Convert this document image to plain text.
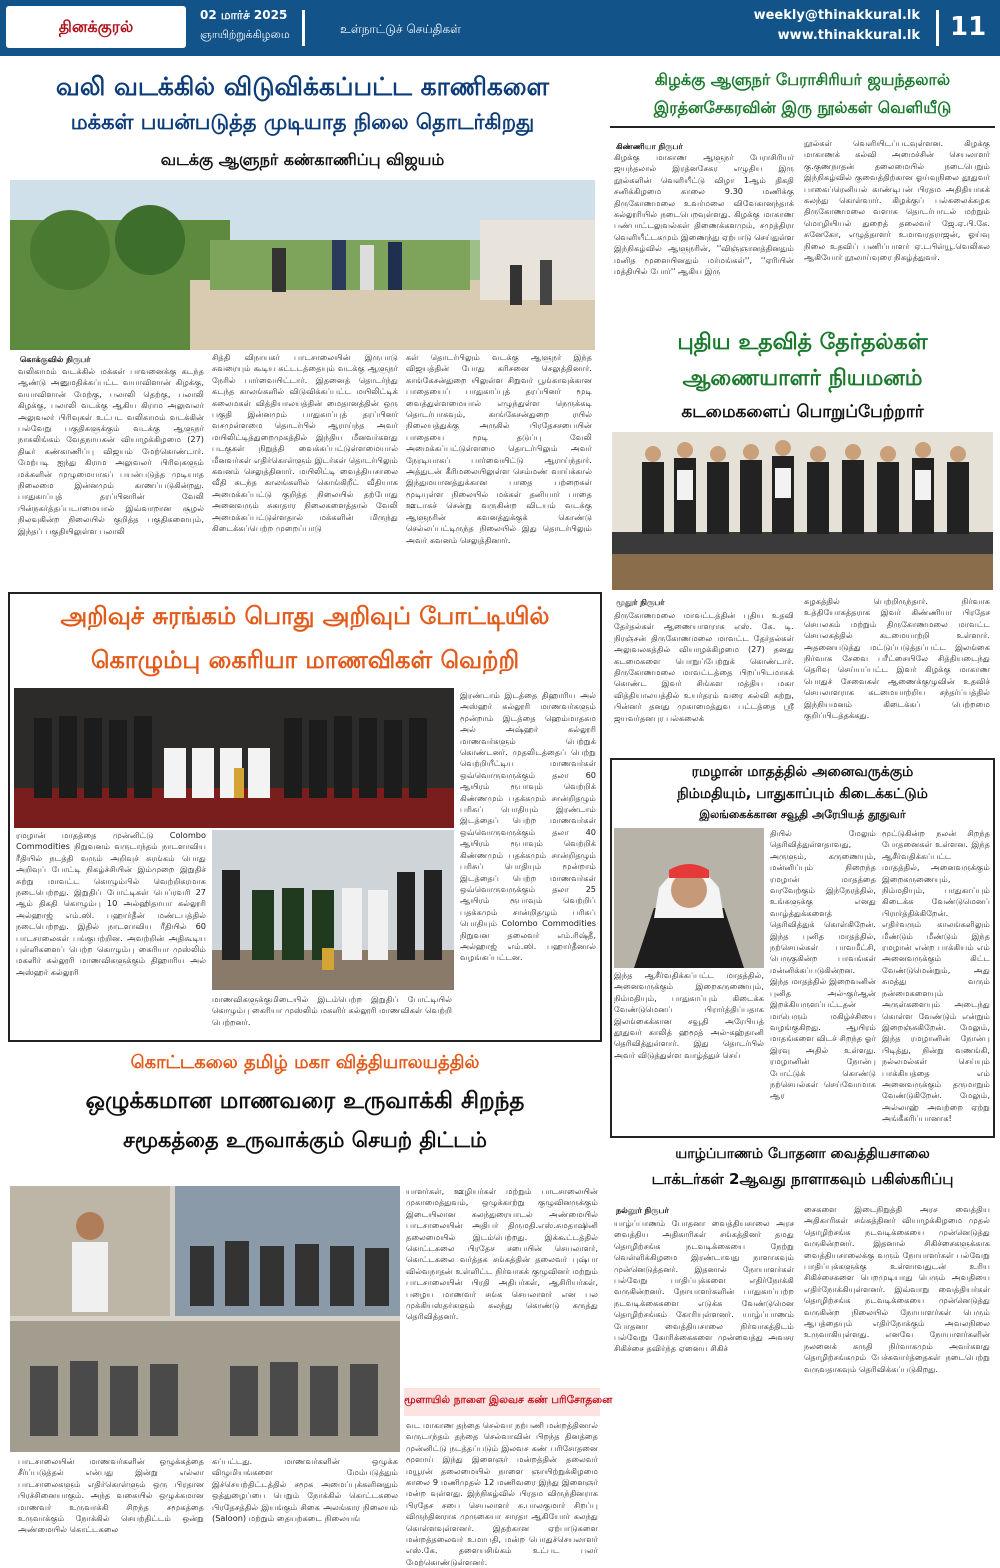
தினக்குரல்
02 மார்ச் 2025
ஞாயிற்றுக்கிழமை	உள்நாட்டுச் செய்திகள்
weekly@thinakkural.lk
www.thinakkural.lk 11
வலி வடக்கில் விடுவிக்கப்பட்ட காணிகளை
மக்கள் பயன்படுத்த முடியாத நிலை தொடர்கிறது
வடக்கு ஆளுநர் கண்காணிப்பு விஜயம்
கொக்குவில் நிருபர்
வலிகாமம் வடக்கில் மக்கள் பாவனைக்கு கடந்த ஆண்டு அனுமதிக்கப்பட்ட வயாவிளான் கிழக்கு, வயாவிளான் மேற்கு, பலாலி தெற்கு, பலாலி கிழக்கு, பலாலி வடக்கு ஆகிய கிராம அலுவலர் அலுவலர் பிரிவுகள் உட்பட வலிகாமம் வடக்கின் பல்வேறு பகுதிகளுக்கும் வடக்கு ஆளுநர் நாகலிங்கம் வேதநாயகன் வியாழக்கிழமை (27) திடீர் கண்காணிப்பு விஜயம் மேற்கொண்டார். மேற்படி ஐந்து கிராம அலுவலர் பிரிவுகளும் மக்களின் முழுமையாகப் பயன்படுத்த முடியாத நிலைமை இன்னமும் காணப்படுகின்றது. பாதுகாப்புத் தரப்பினரின் வேலி பின்நகர்த்தப்படாமையால் இவ்வாறான சூழல் நிலவுகின்ற நிலையில் குறித்த பகுதிகளையும், இந்தப் பகுதியிலுள்ள பலாலி
சித்தி விநாயகர் பாடசாலையின் இருபாடு சுவரையும் கூடிய கட்டடத்தையும் வடக்கு ஆளுநர் நேரில் பார்வையிட்டார். இதனைத் தொடர்ந்து கடந்த காலங்களில் விடுவிக்கப்பட்ட மயிலிட்டிக் கலைமகள் வித்தியாலயத்தின் மைதானத்தின் ஒரு பகுதி இன்னமும் பாதுகாப்புத் தரப்பினர் வசமுள்ளமை தொடர்பில் ஆராய்ந்த அவர் மயிலிட்டித்துறைமுகத்தில் இந்திய மீனவர்களது படகுகள் நிறுத்தி வைக்கப்பட்டுள்ளமையால் மீனவர்கள் எதிர்கொள்ளும் இடர்கள் தொடர்பிலும் கவனம் செலுத்தினார். மயிலிட்டி வைத்தியசாலை வீதி கடந்த காலங்களில் கொங்கிறீட் வீதியாக அமைக்கப்பட்டு குறித்த நிலையில் தற்போது அனைவரும் சுகாதார நிலைகளைத்தால் வேலி அமைக்கப்பட்டுள்ளதால் மக்களின் மிருந்து கிடைக்கப்பெற்ற முறைப்பாடு
கள் தொடர்பிலும் வடக்கு ஆளுநர் இந்த விஜயத்தின் போது கரிசனை செலுத்தினார். காங்கேசன்துறை யிலுள்ள சிறுவர் பூங்காவுக்கான பாதையைப் பாதுகாப்புத் தரப்பினர் மூடி வைத்துள்ளமையால் எழுந்துள்ள நெருக்கடி தொடர்பாகவும், காங்கேசன்துறை ரயில் நிலையத்துக்கு அருகில் பிரதேசசபையின் பாதையை மூடி தடுப்பு வேலி அமைக்கப்பட்டுள்ளமை தொடர்பிலும் அவர் நேரடியாகப் பார்வையிட்டு ஆராய்ந்தார். அத்துடன் கீரிமலையிலுள்ள செம்மண் வாய்க்கால் இந்துமயானத்துக்கான பாதை பற்றைகள் மூடியுள்ள நிலையில் மக்கள் தனியார் பாதை ஊடாகச் சென்று வருகின்ற விடயம் வடக்கு ஆளுநரின் கவனத்துக்குக் கொண்டு செல்லப்பட்டிருந்த நிலையில் இது தொடர்பிலும் அவர் கவனம் செலுத்தினார்.
கிழக்கு ஆளுநர் பேராசிரியர் ஜயந்தலால்
இரத்னசேகரவின் இரு நூல்கள் வெளியீடு
கிண்ணியா நிருபர்
கிழக்கு மாகாண ஆளுநர் பேராசிரியர் ஜயந்தலால் இரத்னசேகர எழுதிய இரு நூல்களின் வெளியீட்டு விழா 1ஆம் திகதி சனிக்கிழமை காலை 9.30 மணிக்கு திருகோணமலை உவர்மலை விவேகானந்தாக் கல்லூரியில் நடைபெறவுள்ளது. கிழக்கு மாகாண பண்பாட்டலுவல்கள் திணைக்களமும், சமுத்திரா வெளியீட்டகமும் இணைந்து ஏற்பாடு செய்துள்ள இந்நிகழ்வில் ஆளுநரின், ''விஞ்ஞானத்தினதும் மனித மூளையினதும் மர்மங்கள்'', ''ஏரியின் மத்தியில் போர்'' ஆகிய இரு
நூல்கள் வெளியிடப்படவுள்ளன. கிழக்கு மாகாணக் கல்வி அமைச்சின் செயலாளர் கு.குணநாதன் தலைமையில் நடைபெறும் இந்நிகழ்வில் குவைத்திற்கான ஓய்வுநிலை தூதுவர் பாகைப்ரெனியல் காண்டிபன் பிரதம அதிதியாகக் கலந்து கொள்வார். கிழக்குப் பல்கலைக்கழக திருகோணமலை வளாக தொடர்பாடல் மற்றும் மொழியியல் துறைத் தலைவர் ஜே.ஏ.பி.கே. சுனேகோ, எழுத்தாளர் உமாவரதராஜன், ஓய்வு நிலை உதவிப் பணிப்பாளர் ஏ.டபிள்யூ.வெலிகல ஆகியோர் நூலாய்வுரை நிகழ்த்துவர்.
புதிய உதவித் தேர்தல்கள்
ஆணையாளர் நியமனம்
கடமைகளைப் பொறுப்பேற்றார்
மூதூர் நிருபர்
திருகோணமலை மாவட்டத்தின் புதிய உதவி தேர்தல்கள் ஆணையாளராக எஸ். கே. டி. நிரஞ்சன் திருகோணமலை மாவட்ட தேர்தல்கள் அலுவலகத்தில் வியாழக்கிழமை (27) தனது கடமைகளை பொறுப்பேற்றுக் கொண்டார். திருகோணமலை மாவட்டத்தை பிறப்பிடமாகக் கொண்ட இவர் சிங்கள மத்திய மகா வித்தியாலயத்தில் உயர்தரம் வரை கல்வி கற்று, பின்னர் தனது முகாமைத்துவ பட்டத்தை ஸ்ரீ ஜயவர்தனபுர பல்கலைக்
கழகத்தில் பெற்றிருந்தார். நிர்வாக உத்தியோகத்தராக இவர் கிண்ணியா பிரதேச செயலகம் மற்றும் திருகோணமலை மாவட்ட செயலகத்தில் கடமையாற்றி உள்ளார். அதனையடுத்து மட்டுப்படுத்தப்பட்ட இலங்கை நிர்வாக சேவை பரீட்சையிலே சித்தியடைந்து தெரிவு செய்யப்பட்ட இவர் கிழக்கு மாகாண பொதுச் சேவைகள் ஆணைக்குழுவின் உதவிச் செயலாளராக கடமையாற்றிய சந்தர்ப்பத்தில் இந்நியமனம் கிடைக்கப் பெற்றமை குறிப்பிடத்தக்கது.
அறிவுச் சுரங்கம் பொது அறிவுப் போட்டியில்
கொழும்பு கைரியா மாணவிகள் வெற்றி
ரமழான் மாதத்தை முன்னிட்டு Colombo Commodities நிறுவனம் வருடாந்தம் நாடளாவிய ரீதியில் நடத்தி வரும் அறிவுச் சுரங்கம் பொது அறிவுப் போட்டி நிகழ்ச்சியின் இம்முறை இறுதிச் சுற்று மாவட்ட கொழும்பில் வெற்றிகரமாக நடைபெற்றது. இறுதிப் போட்டிகள் பெப்ரவரி 27 ஆம் திகதி கொழும்பு 10 அல்ஹிதாயா கல்லூரி அல்ஹாஜ் எம்.ஸி. பஹார்தீன் மண்டபத்தில் நடைபெற்றது. இதில் நாடளாவிய ரீதியில் 60 பாடசாலைகள் பங்குபற்றின. அவற்றின் அதிகூடிய புள்ளிகளைப் பெற்ற கொழும்பு கைரியா முஸ்லிம் மகளிர் கல்லூரி மாணவிகளுக்கும் திஹாரிய அல் அஸ்ஹர் கல்லூரி
மாணவிகளுக்குமிடையில் இடம்பெற்ற இறுதிப் போட்டியில் கொழும்பு கைரியா முஸ்லிம் மகளிர் கல்லூரி மாணவிகள் வெற்றி பெற்றனர்.
இரண்டாம் இடத்தை திஹாரிய அல் அஸ்ஹர் கல்லூரி மாணவர்களும் மூன்றாம் இடத்தை ஹெம்மாதகம அல் அஷ்ஹர் கல்லூரி மாணவர்களும் பெற்றுக் கொண்டனர். முதலிடத்தைப் பெற்று வெற்றியீட்டிய மாணவர்கள் ஒவ்வொருவருக்கும் தலா 60 ஆயிரம் ரூபாவும் வெற்றிக் கிண்ணமும் பதக்கமும் சான்றிதழும் பரிசுப் பொதியும் இரண்டாம் இடத்தைப் பெற்ற மாணவர்கள் ஒவ்வொருவருக்கும் தலா 40 ஆயிரம் ரூபாவும் வெற்றிக் கிண்ணமும் பதக்கமும் சான்றிதழும் பரிசுப் பொதியும் மூன்றாம் இடத்தைப் பெற்ற மாணவர்கள் ஒவ்வொருவருக்கும் தலா 25 ஆயிரம் ரூபாவும் வெற்றிப் பதக்கமும் சான்றிதழும் பரிசுப் பொதியும் Colombo Commodities நிறுவன தலைவர் எம்.ரிஷ்தீ, அல்ஹாஜ் எம்.ஸி. பஹார்தீனால் வழங்கப்பட்டன.
ரமழான் மாதத்தில் அனைவருக்கும்
நிம்மதியும், பாதுகாப்பும் கிடைக்கட்டும்
இலங்கைக்கான சவூதி அரேபியத் தூதுவர்
இந்த ஆசீர்வதிக்கப்பட்ட மாதத்தில், அனைவருக்கும் இறைகருணையும், நிம்மதியும், பாதுகாப்பும் கிடைக்க வேண்டுமெனப் பிரார்த்திப்பதாக இலங்கைக்கான சவூதி அரேபியத் தூதுவர் காலித் ஹமூத் அல்-கஹ்தானி தெரிவித்துள்ளார். இது தொடர்பில் அவர் விடுத்துள்ள வாழ்த்துச் செய்
தியில் மேலும் தெரிவித்துள்ளதாவது, அருளும், கருணையும், மன்னிப்பும் நிறைந்த ரமழான் மாதத்தை வரவேற்கும் இந்நேரத்தில், உங்களுக்கு எனது வாழ்த்துக்களைத் தெரிவித்துக் கொள்கிறேன். இந்த புனித மாதத்தில், நற்செயல்கள் பாவமீட்சி, பெருகுகின்ற பாவங்கள் மன்னிக்கப்படுகின்றன. இந்த மாதத்தில் இறைவனின் புனித அல்-குர்ஆன் இறக்கியருளப்பட்டதன் மாபெரும் மகிழ்ச்சியை வழங்குகிறது. ஆயிரம் மாதங்களை விடச் சிறந்த ஓர் இரவு அதில் உள்ளது. ரமழானின் நோன்பு போட்டுக் கொண்டு நற்செயல்கள் செய்வோமாக ஆர
மூட்டுகின்ற நலன் சிறந்த போதனைகள் உள்ளன. இந்த ஆசீர்வதிக்கப்பட்ட மாதத்தில், அனைவருக்கும் இறைகருணையும், நிம்மதியும், பாதுகாப்பும் கிடைக்க வேண்டுமெனப் பிரார்த்திக்கிறேன். எதிர்வரும் காலங்களிலும் மீண்டும் மீண்டும் இந்த ரமழான் என்ற பாக்கியம் எம் அனைவருக்கும் கிட்ட வேண்டுமென்றும், அது சுமத்து வரும் நன்மைகளையும் அருள்களையும் அடைந்து கொள்ள வேண்டும் என்றும் இறைஞ்சுகிறேன். மேலும், இந்த ரமழானின் நோன்பு பிடித்து, நின்று வணங்கி, நல்லமல்கள் செய்யும் பாக்கியத்தை எம் அனைவருக்கும் தருமாறும் வேண்டுகிறேன். மேலும், அல்லாஹ் அவற்றை ஏற்று அங்கீகரிப்பானாக!
கொட்டகலை தமிழ் மகா வித்தியாலயத்தில்
ஒழுக்கமான மாணவரை உருவாக்கி சிறந்த
சமூகத்தை உருவாக்கும் செயற் திட்டம்
பாடசாலையின் மாணவர்களின் ஒழுக்கத்தை சீர்ப்படுத்தல் என்பது இன்று எல்லா பாடசாலைகளும் எதிர்கொள்ளும் ஒரு பிரதான பிரச்சினையாகும். அந்த வகையில் ஒழுக்கமான மாணவர் உருவாக்கி சிறந்த சமூகத்தை உருவாக்கும் நோக்கில் செயற்திட்டம் ஒன்று அண்மையில் கொட்டகலை
கப்பட்டது. மாணவர்களின் ஒழுக்க விழுமியங்களை மேம்படுத்தும் இச்செயற்திட்டத்தில் சமூக அமைப்புக்களினதும் ஒத்துழைப்பை பெறும் நோக்கில் கொட்டகலை பிரதேசத்தில் இயங்கும் சிகை அலங்கார நிலையம் (Saloon) மற்றும் தையற்கடை நிலையங்
யாளர்கள், ஊழியர்கள் மற்றும் பாடசாலையின் முகாமைத்துவம், ஒழுக்காற்று குழுவினருக்கும் இடையிலான கலந்துரையாடல் அண்மையில் பாடசாலையின் அதிபர் திருமதி.எஸ்.சுமதாஷினி தலைமையில் இடம்பெற்றது. இக்கூட்டத்தில் கொட்டகலை பிரதேச சபையின் செயலாளர், கொட்டகலை வர்த்தக சங்கத்தின் தலைவர் புஷ்பா வில்வநாதன் உள்ளிட்ட நிர்வாகக் குழுவினர் மற்றும் பாடசாலையின் பிரதி அதிபர்கள், ஆசிரியர்கள், பழைய மாணவர் சங்க செயலாளர் என பல முக்கியஸ்தர்களும் கலந்து கொண்டு கருத்து தெரிவித்தனர்.
யாழ்ப்பாணம் போதனா வைத்தியசாலை
டாக்டர்கள் 2ஆவது நாளாகவும் பகிஸ்கரிப்பு
நல்லூர் நிருபர்
யாழ்ப்பாணம் போதனா வைத்தியசாலை அரச வைத்திய அதிகாரிகள் சங்கத்தினர் தமது தொழிற்சங்க நடவடிக்கையை நேற்று வெள்ளிக்கிழமை இரண்டாவது நாளாகவும் முன்னெடுத்தனர். இதனால் நோயாளர்கள் பல்வேறு பாதிப்புக்களை எதிர்நோக்கி வருகின்றனர். நோயாளர்களின் பாதுகாப்பற்ற நடவடிக்கைகளை எடுக்க வேண்டுமென தொழிற்சங்கம் கோரியுள்ளனர். யாழ்ப்பாணம் போதனா வைத்தியசாலை நிர்வாகத்திடம் பல்வேறு கோரிக்கைகளை முன்வைத்து அவசர சிகிச்சை தவிர்ந்த ஏனைய சிகிச்
சைகளை இடைநிறுத்தி அரச வைத்திய அதிகாரிகள் சங்கத்தினர் வியாழக்கிழமை முதல் தொழிற்சங்க நடவடிக்கையை முன்னெடுத்து வருகின்றனர். இதனால் சிகிச்சைகளுக்காக வைத்தியசாலைக்கு வரும் நோயாளர்கள் பல்வேறு பாதிப்புக்களுக்கு உள்ளாவதுடன் உரிய சிகிச்சைகளை பெறமுடியாது பெரும் அவதியை எதிர்நோக்கியுள்ளனர். இவ்வாறு வைத்தியர்கள் தொழிற்சங்க நடவடிக்கையை முன்னெடுத்து வருகின்ற நிலையில் நோயாளர்கள் பெரும் ஆபத்தையும் எதிர்நோக்கும் அவலநிலை உருவாகியுள்ளது. எனவே நோயாளர்களின் நலனைக் கருதி நிர்வாகமும் அவர்களது தொழிற்சங்கமும் பேச்சுவார்த்தைகள் நடைபெற்று வருவதாகவும் தெரிவிக்கப்படுகிறது.
மூளாயில் நாளை இலவச கண் பரிசோதனை
வட மாகாண தந்தை செல்வா நற்பணி மன்றத்தினால் வருடாந்தம் தந்தை செல்வாவின் பிறந்த தினத்தை முன்னிட்டு நடத்தப்படும் இலவச கண் பரிசோதனை மூளாய் இந்து இளைஞர் மன்றத்தின் தலைவர் மயூரன் தலைமையில் நாளை ஞாயிற்றுக்கிழமை காலை 9 மணிமுதல் 12 மணிவரை இந்து இளைஞர் மன்ற வுள்ளது. இந்நிகழ்வில் பிரதம விருந்தினராக பிரதேச சபை செயலாளர் சு.பாலகுமார் சிறப்பு விருந்தினராக முருகையா சாரதா ஆகியோர் கலந்து கொள்ளவுள்ளனர். இதற்கான ஏற்பாடுகளை மன்றத்தலைவர் உமாபதி, மன்ற பொதுச்செயலாளர் எஸ்.கே. தளையசிங்கம் உட்பட பலர் மேற்கொண்டுள்ளனர்.
